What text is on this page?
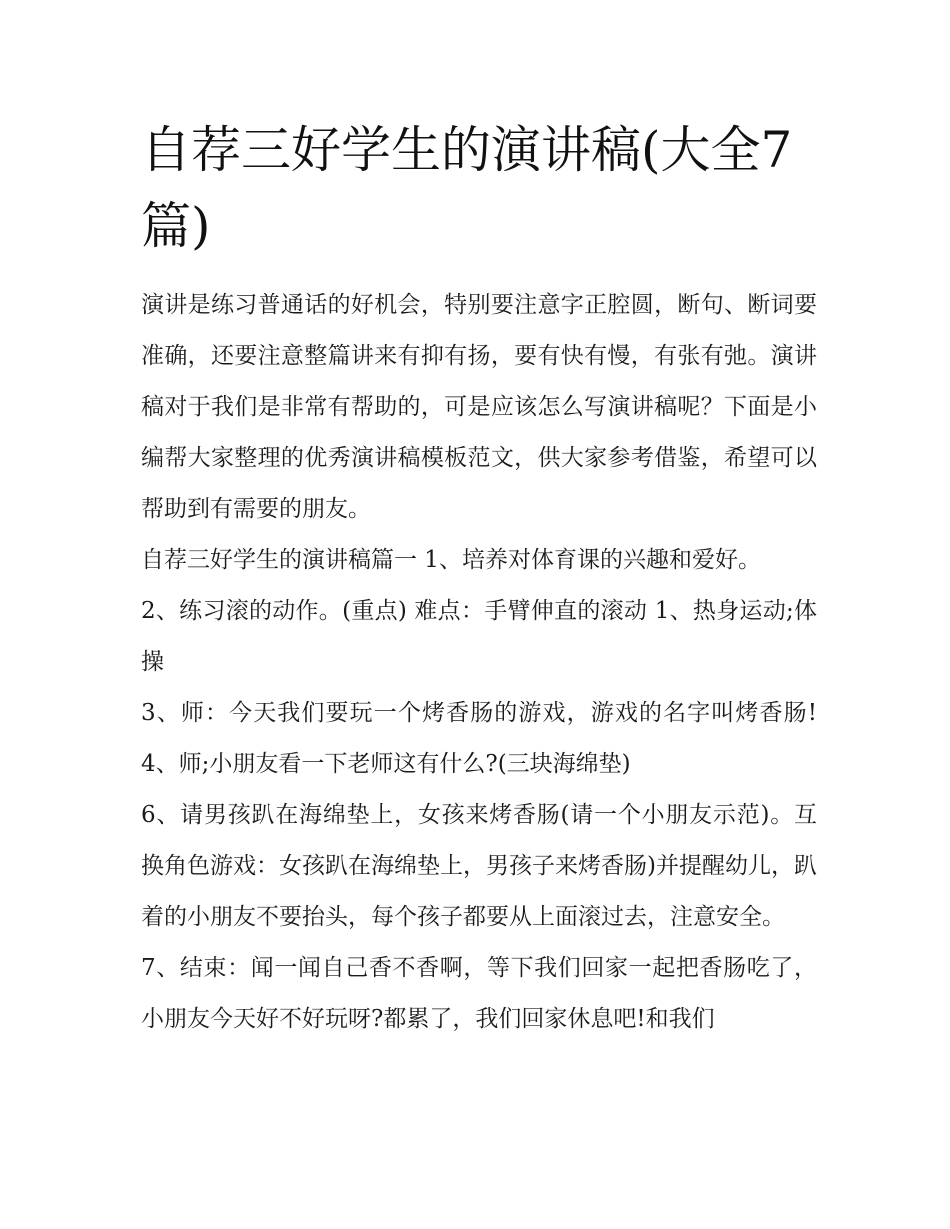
自荐三好学生的演讲稿(大全7篇)

演讲是练习普通话的好机会，特别要注意字正腔圆，断句、断词要准确，还要注意整篇讲来有抑有扬，要有快有慢，有张有弛。演讲稿对于我们是非常有帮助的，可是应该怎么写演讲稿呢？下面是小编帮大家整理的优秀演讲稿模板范文，供大家参考借鉴，希望可以帮助到有需要的朋友。

自荐三好学生的演讲稿篇一 1、培养对体育课的兴趣和爱好。

2、练习滚的动作。(重点) 难点：手臂伸直的滚动 1、热身运动;体操

3、师：今天我们要玩一个烤香肠的游戏，游戏的名字叫烤香肠! 4、师;小朋友看一下老师这有什么?(三块海绵垫)

6、请男孩趴在海绵垫上，女孩来烤香肠(请一个小朋友示范)。互换角色游戏：女孩趴在海绵垫上，男孩子来烤香肠)并提醒幼儿，趴着的小朋友不要抬头，每个孩子都要从上面滚过去，注意安全。

7、结束：闻一闻自己香不香啊，等下我们回家一起把香肠吃了，小朋友今天好不好玩呀?都累了，我们回家休息吧!和我们
